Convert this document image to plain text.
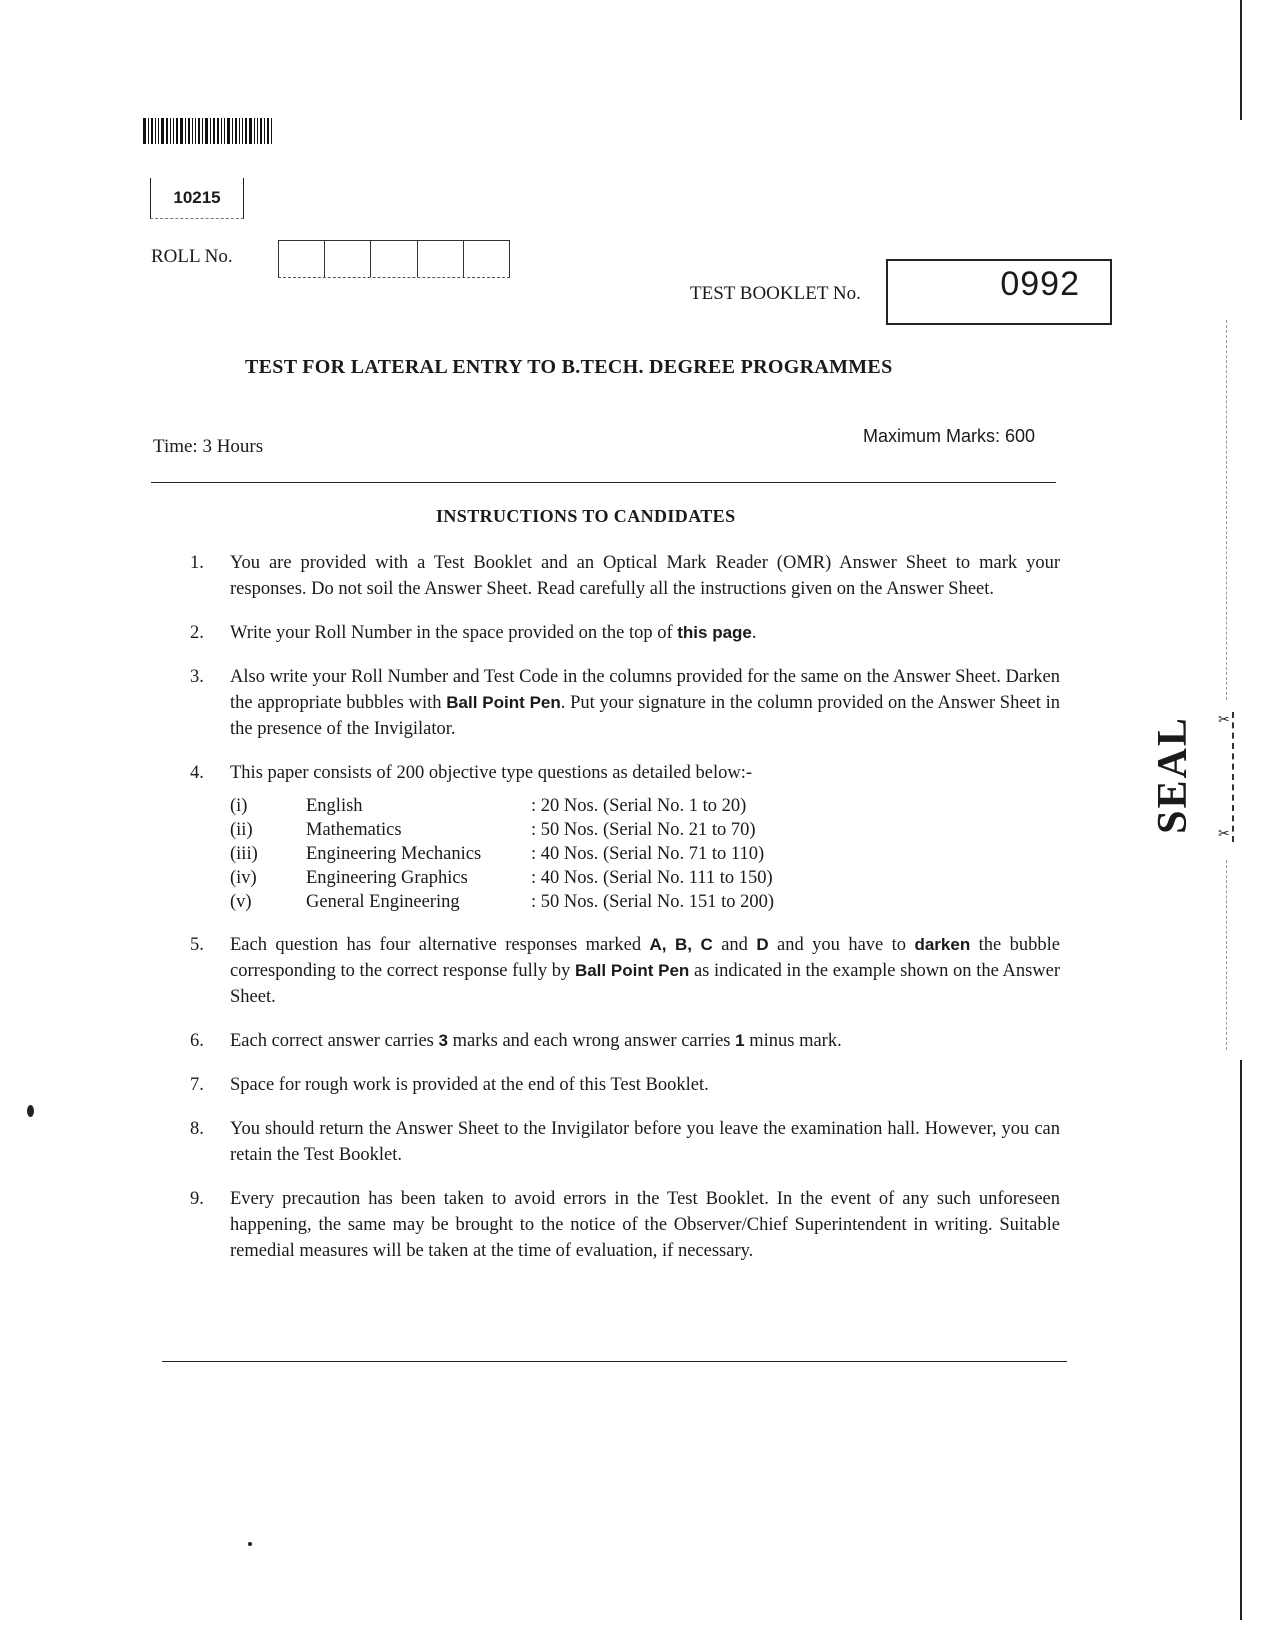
10215
ROLL No.
TEST BOOKLET No.	0992
TEST FOR LATERAL ENTRY TO B.TECH. DEGREE PROGRAMMES
Time: 3 Hours	Maximum Marks: 600
INSTRUCTIONS TO CANDIDATES
1.	You are provided with a Test Booklet and an Optical Mark Reader (OMR) Answer Sheet to mark your responses. Do not soil the Answer Sheet. Read carefully all the instructions given on the Answer Sheet.
2.	Write your Roll Number in the space provided on the top of this page.
3.	Also write your Roll Number and Test Code in the columns provided for the same on the Answer Sheet. Darken the appropriate bubbles with Ball Point Pen. Put your signature in the column provided on the Answer Sheet in the presence of the Invigilator.
4.	This paper consists of 200 objective type questions as detailed below:-
(i)	English	: 20 Nos. (Serial No. 1 to 20)
(ii)	Mathematics	: 50 Nos. (Serial No. 21 to 70)
(iii)	Engineering Mechanics	: 40 Nos. (Serial No. 71 to 110)
(iv)	Engineering Graphics	: 40 Nos. (Serial No. 111 to 150)
(v)	General Engineering	: 50 Nos. (Serial No. 151 to 200)
5.	Each question has four alternative responses marked A, B, C and D and you have to darken the bubble corresponding to the correct response fully by Ball Point Pen as indicated in the example shown on the Answer Sheet.
6.	Each correct answer carries 3 marks and each wrong answer carries 1 minus mark.
7.	Space for rough work is provided at the end of this Test Booklet.
8.	You should return the Answer Sheet to the Invigilator before you leave the examination hall. However, you can retain the Test Booklet.
9.	Every precaution has been taken to avoid errors in the Test Booklet. In the event of any such unforeseen happening, the same may be brought to the notice of the Observer/Chief Superintendent in writing. Suitable remedial measures will be taken at the time of evaluation, if necessary.
SEAL ✂
✂
